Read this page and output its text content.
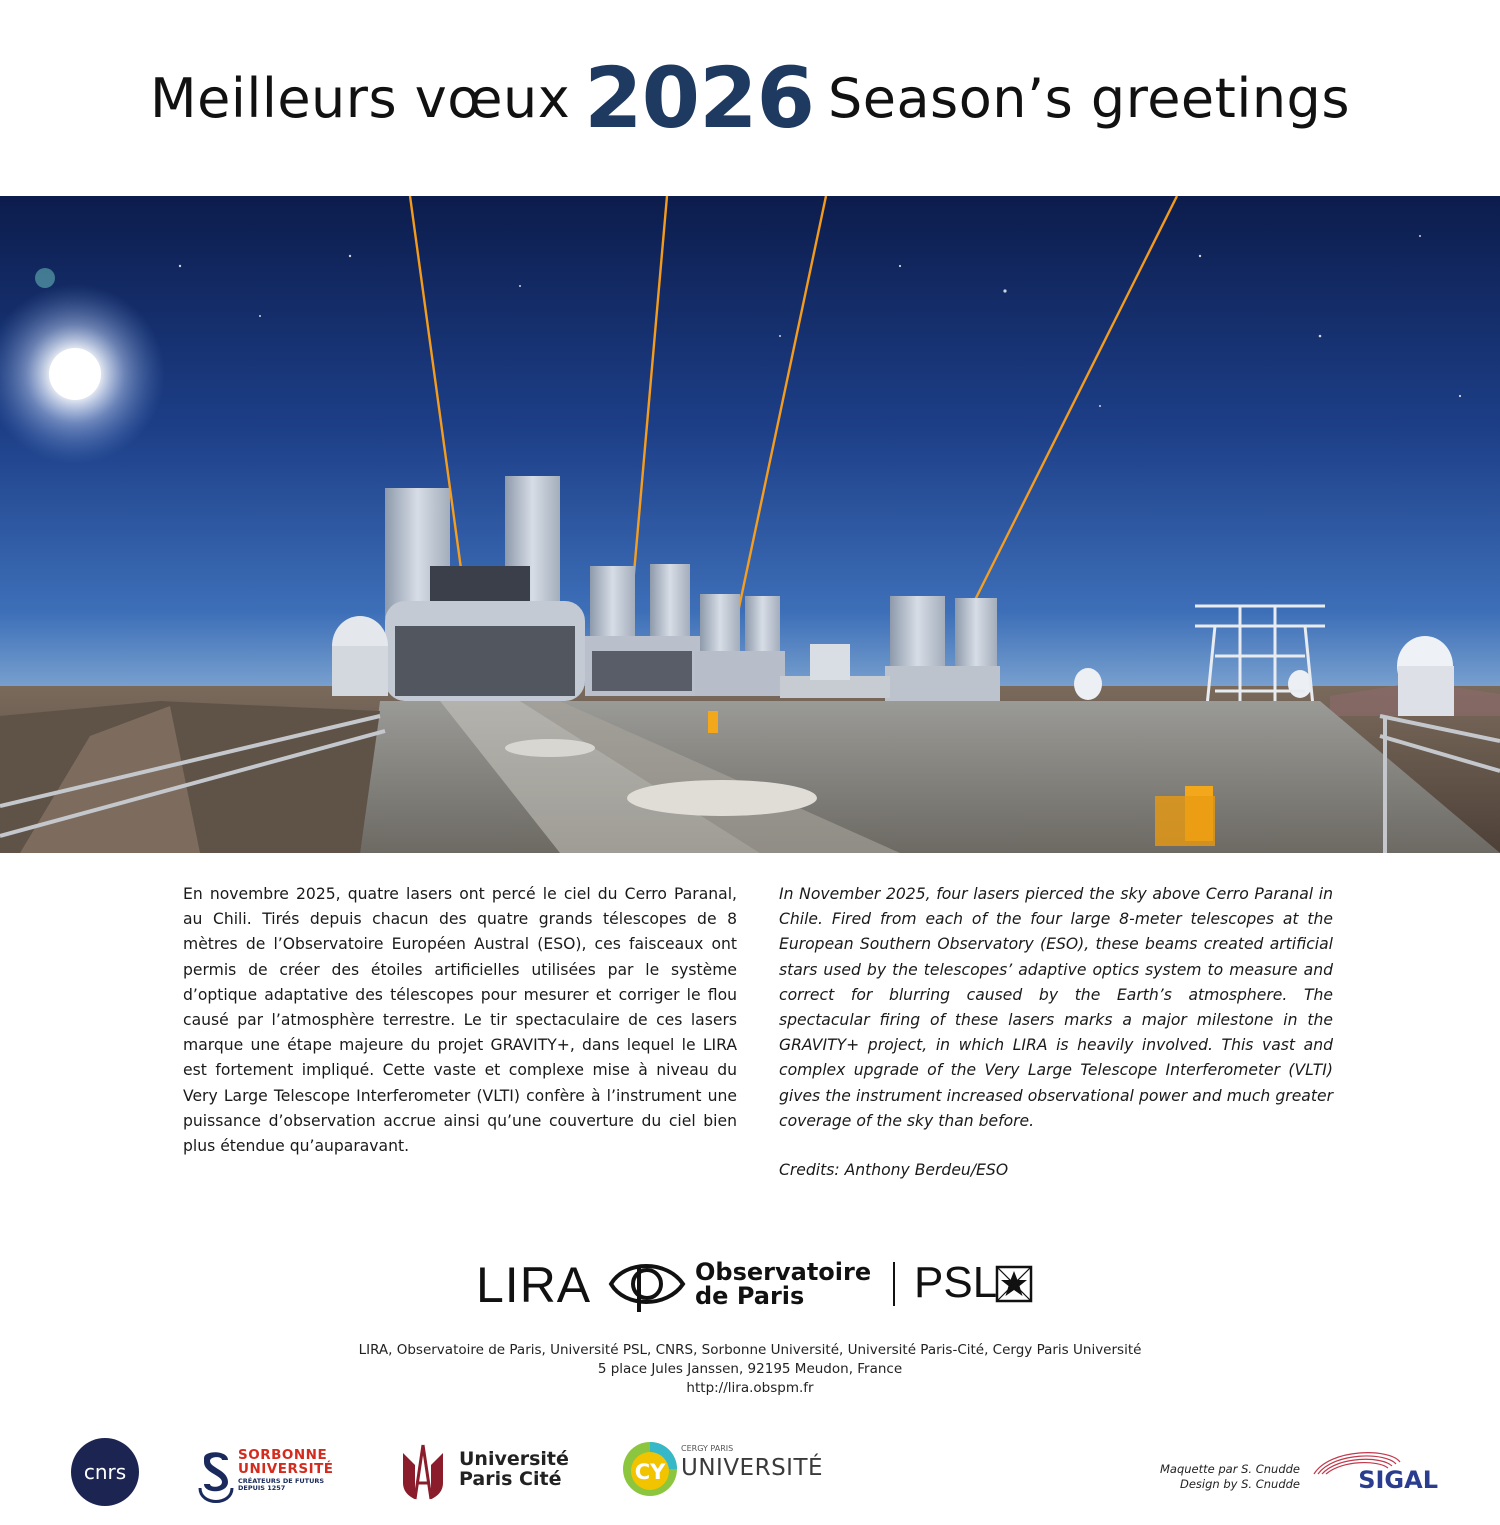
Meilleurs vœux 2026 Season’s greetings
En novembre 2025, quatre lasers ont percé le ciel du Cerro Paranal, au Chili. Tirés depuis chacun des quatre grands télescopes de 8 mètres de l’Observatoire Européen Austral (ESO), ces faisceaux ont permis de créer des étoiles artificielles utilisées par le système d’optique adaptative des télescopes pour mesurer et corriger le flou causé par l’atmosphère terrestre. Le tir spectaculaire de ces lasers marque une étape majeure du projet GRAVITY+, dans lequel le LIRA est fortement impliqué. Cette vaste et complexe mise à niveau du Very Large Telescope Interferometer (VLTI) confère à l’instrument une puissance d’observation accrue ainsi qu’une couverture du ciel bien plus étendue qu’auparavant.
In November 2025, four lasers pierced the sky above Cerro Paranal in Chile. Fired from each of the four large 8-meter telescopes at the European Southern Observatory (ESO), these beams created artificial stars used by the telescopes’ adaptive optics system to measure and correct for blurring caused by the Earth’s atmosphere. The spectacular firing of these lasers marks a major milestone in the GRAVITY+ project, in which LIRA is heavily involved. This vast and complex upgrade of the Very Large Telescope Interferometer (VLTI) gives the instrument increased observational power and much greater coverage of the sky than before.
Credits: Anthony Berdeu/ESO
LIRA	Observatoire
de Paris	PSL
LIRA, Observatoire de Paris, Université PSL, CNRS, Sorbonne Université, Université Paris-Cité, Cergy Paris Université
5 place Jules Janssen, 92195 Meudon, France
http://lira.obspm.fr
cnrs
SORBONNE
UNIVERSITÉ
CRÉATEURS DE FUTURS
DEPUIS 1257
Université
Paris Cité	CY
CERGY PARIS
UNIVERSITÉ	Maquette par S. Cnudde
Design by S. Cnudde SIGAL
